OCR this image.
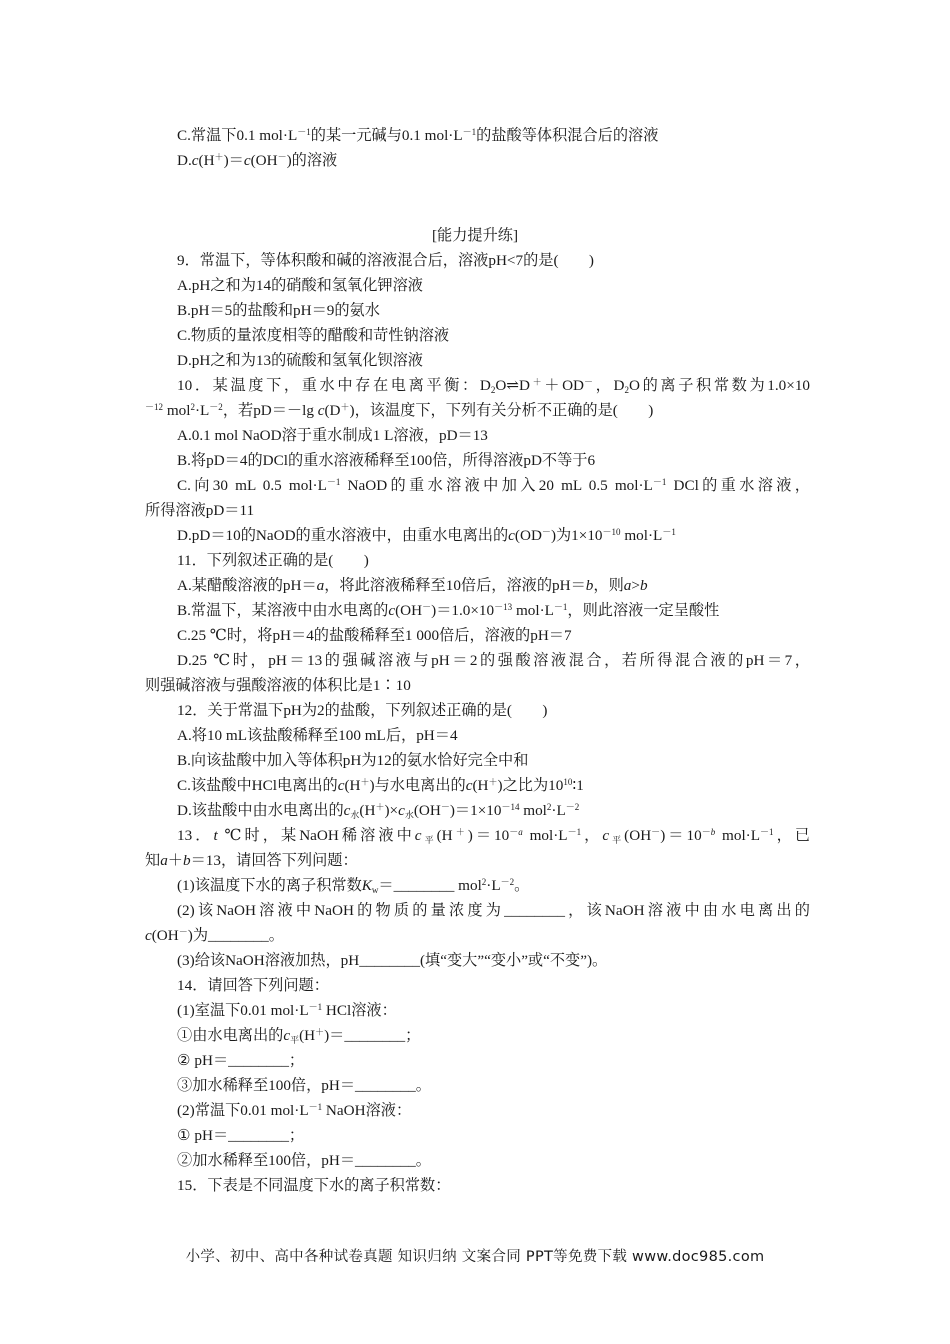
C.常温下0.1 $mol\cdot L^{-1}$的某一元碱与0.1 $mol\cdot L^{-1}$的盐酸等体积混合后的溶液
D.c(H＋)＝c(OH－)的溶液
[能力提升练]
9．常温下，等体积酸和碱的溶液混合后，溶液pH<7的是(　　)
A.pH之和为14的硝酸和氢氧化钾溶液
B.pH＝5的盐酸和pH＝9的氨水
C.物质的量浓度相等的醋酸和苛性钠溶液
D.pH之和为13的硫酸和氢氧化钡溶液
10．某温度下，重水中存在电离平衡：$D_2O\rightleftharpoons D^++OD^-$，$D_2O$的离子积常数为1.0×10
$^{-12}$ $mol^2\cdot L^{-2}$，若pD＝－lg c(D＋)，该温度下，下列有关分析不正确的是(　　)
A.0.1 mol NaOD溶于重水制成1 L溶液，pD＝13
B.将pD＝4的DCl的重水溶液稀释至100倍，所得溶液pD不等于6
C.向30 mL 0.5 $mol\cdot L^{-1}$ NaOD的重水溶液中加入20 mL 0.5 $mol\cdot L^{-1}$ DCl的重水溶液，
所得溶液pD＝11
D.pD＝10的NaOD的重水溶液中，由重水电离出的c(OD－)为$1\times 10^{-10}$ $mol\cdot L^{-1}$
11．下列叙述正确的是(　　)
A.某醋酸溶液的pH＝a，将此溶液稀释至10倍后，溶液的pH＝b，则a>b
B.常温下，某溶液中由水电离的$c(OH^-)=1.0\times 10^{-13}$ $mol\cdot L^{-1}$，则此溶液一定呈酸性
C.25 ℃时，将pH＝4的盐酸稀释至1 000倍后，溶液的pH＝7
D.25 ℃时，pH＝13的强碱溶液与pH＝2的强酸溶液混合，若所得混合液的pH＝7，
则强碱溶液与强酸溶液的体积比是1∶10
12．关于常温下pH为2的盐酸，下列叙述正确的是(　　)
A.将10 mL该盐酸稀释至100 mL后，pH＝4
B.向该盐酸中加入等体积pH为12的氨水恰好完全中和
C.该盐酸中HCl电离出的c(H＋)与水电离出的c(H＋)之比为$10^{10}∶1$
D.该盐酸中由水电离出的$c_水(H^+)\times c_水(OH^-)=1\times 10^{-14}$ $mol^2\cdot L^{-2}$
13．t ℃时，某NaOH稀溶液中$c_平(H^+)=10^{-a}$ $mol\cdot L^{-1}$，$c_平(OH^-)=10^{-b}$ $mol\cdot L^{-1}$，已
知a＋b＝13，请回答下列问题：
(1)该温度下水的离子积常数$K_w=\_\_\_\_\_\_\_\_$ $mol^2\cdot L^{-2}$。
(2)该NaOH溶液中NaOH的物质的量浓度为________，该NaOH溶液中由水电离出的
c(OH－)为________。
(3)给该NaOH溶液加热，pH________(填“变大”“变小”或“不变”)。
14．请回答下列问题：
(1)室温下0.01 $mol\cdot L^{-1}$ HCl溶液：
①由水电离出的$c_平(H^+)=\_\_\_\_\_\_\_\_$；
② pH＝________；
③加水稀释至100倍，pH＝________。
(2)常温下0.01 $mol\cdot L^{-1}$ NaOH溶液：
① pH＝________；
②加水稀释至100倍，pH＝________。
15．下表是不同温度下水的离子积常数：
小学、初中、高中各种试卷真题 知识归纳 文案合同 PPT等免费下载 www.doc985.com
